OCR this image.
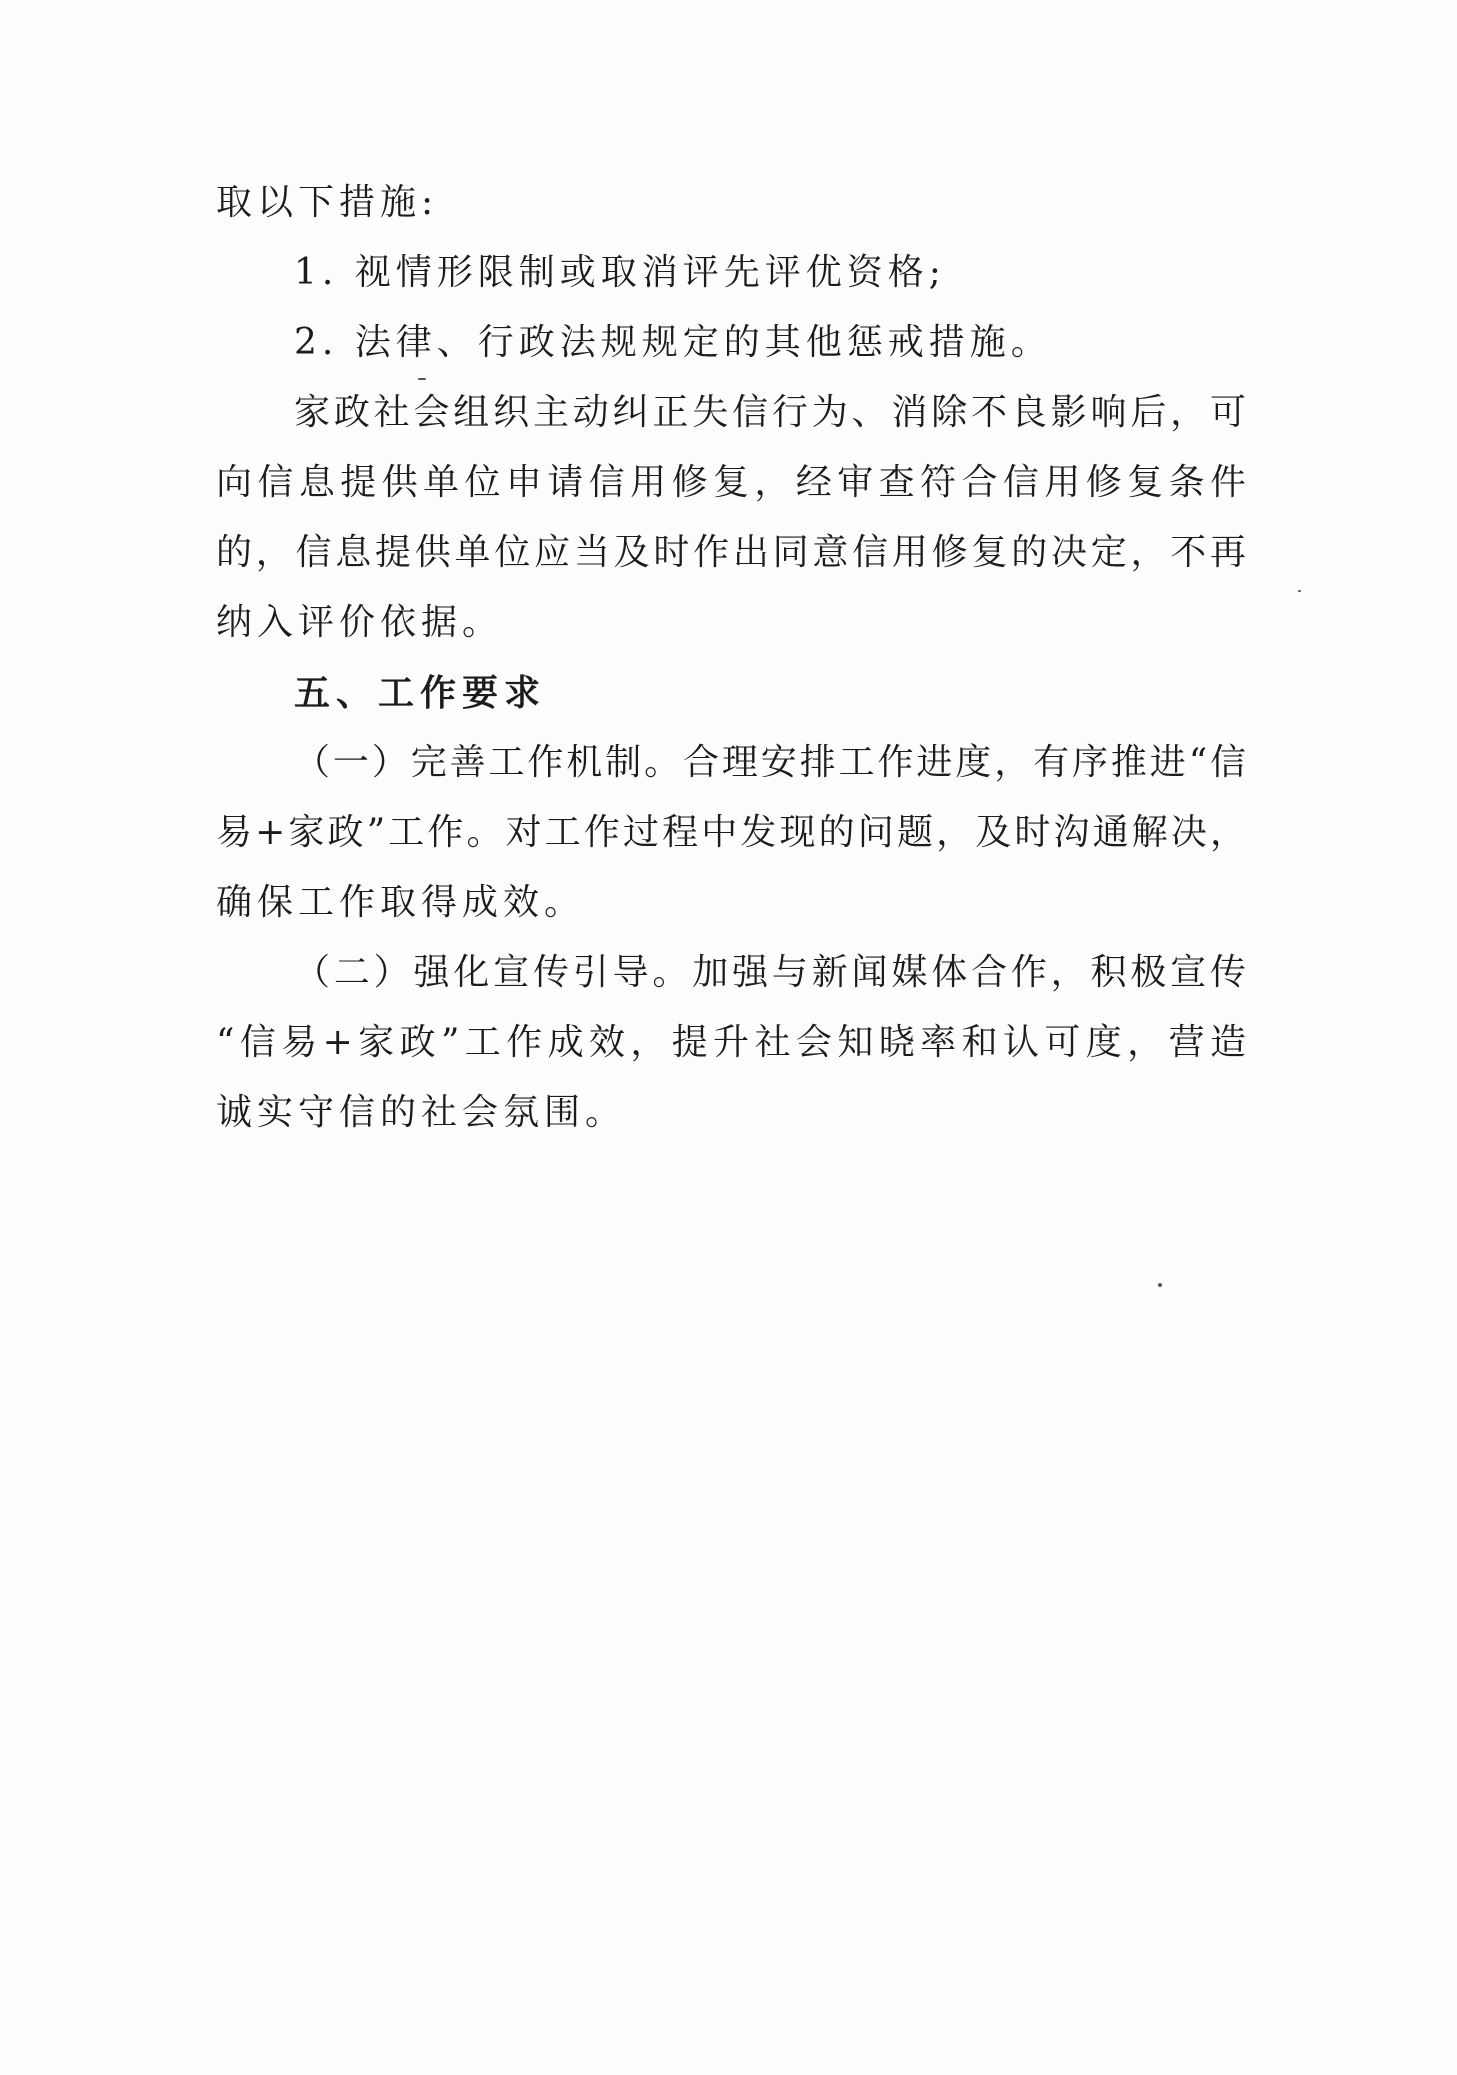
取以下措施:

1. 视情形限制或取消评先评优资格;

2. 法律、行政法规规定的其他惩戒措施。

家政社会组织主动纠正失信行为、消除不良影响后，可

向信息提供单位申请信用修复，经审查符合信用修复条件

的，信息提供单位应当及时作出同意信用修复的决定，不再

纳入评价依据。

五、工作要求

（一）完善工作机制。合理安排工作进度，有序推进“信

易+家政”工作。对工作过程中发现的问题，及时沟通解决，

确保工作取得成效。

（二）强化宣传引导。加强与新闻媒体合作，积极宣传

“信易+家政”工作成效，提升社会知晓率和认可度，营造

诚实守信的社会氛围。
